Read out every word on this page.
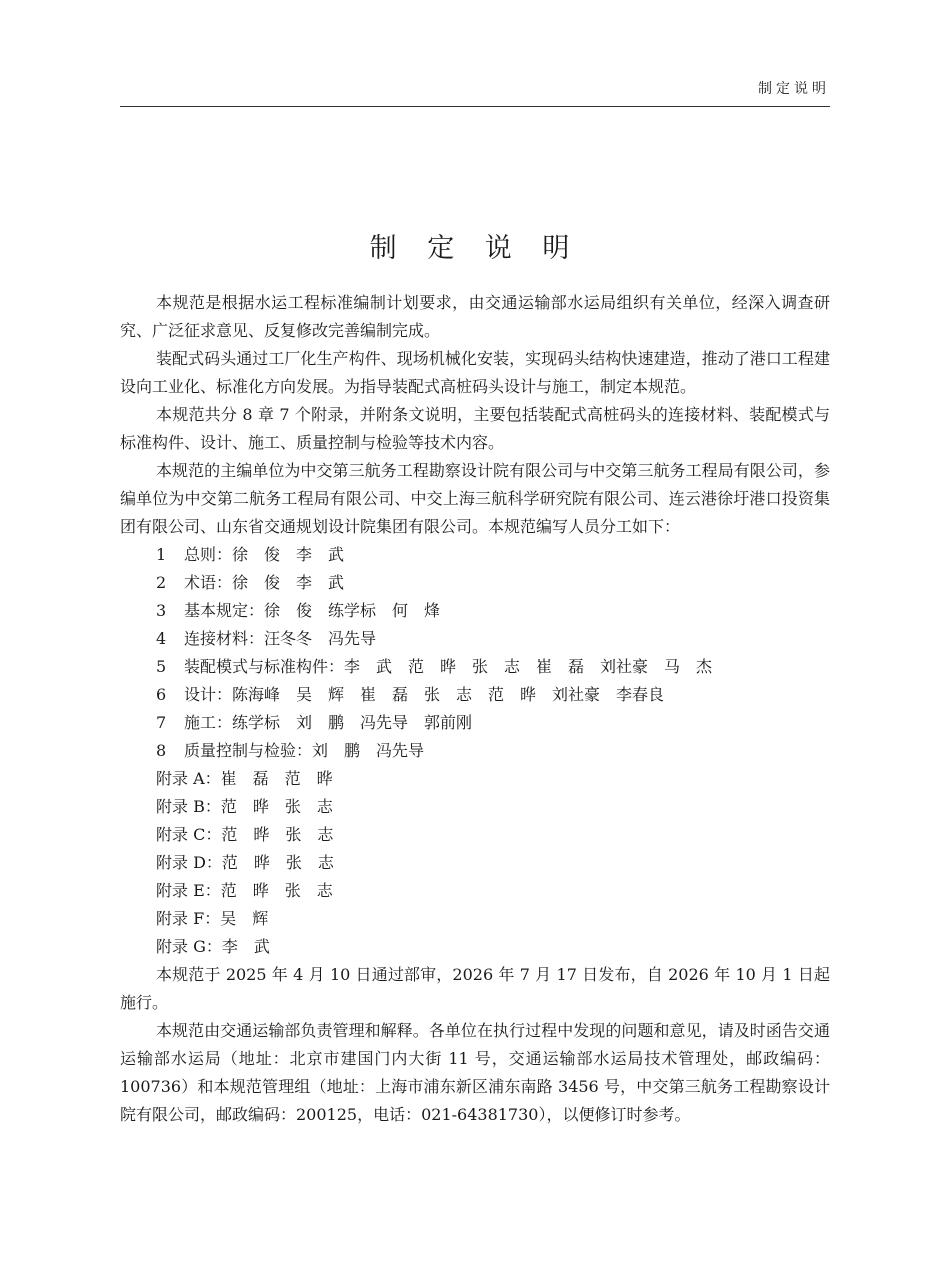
制定说明
制 定 说 明

本规范是根据水运工程标准编制计划要求，由交通运输部水运局组织有关单位，经深入调查研究、广泛征求意见、反复修改完善编制完成。

装配式码头通过工厂化生产构件、现场机械化安装，实现码头结构快速建造，推动了港口工程建设向工业化、标准化方向发展。为指导装配式高桩码头设计与施工，制定本规范。

本规范共分 8 章 7 个附录，并附条文说明，主要包括装配式高桩码头的连接材料、装配模式与标准构件、设计、施工、质量控制与检验等技术内容。

本规范的主编单位为中交第三航务工程勘察设计院有限公司与中交第三航务工程局有限公司，参编单位为中交第二航务工程局有限公司、中交上海三航科学研究院有限公司、连云港徐圩港口投资集团有限公司、山东省交通规划设计院集团有限公司。本规范编写人员分工如下：

1 总则：徐　俊　李　武
2 术语：徐　俊　李　武
3 基本规定：徐　俊　练学标　何　烽
4 连接材料：汪冬冬　冯先导
5 装配模式与标准构件：李　武　范　晔　张　志　崔　磊　刘社豪　马　杰
6 设计：陈海峰　吴　辉　崔　磊　张　志　范　晔　刘社豪　李春良
7 施工：练学标　刘　鹏　冯先导　郭前刚
8 质量控制与检验：刘　鹏　冯先导
附录 A：崔　磊　范　晔
附录 B：范　晔　张　志
附录 C：范　晔　张　志
附录 D：范　晔　张　志
附录 E：范　晔　张　志
附录 F：吴　辉
附录 G：李　武

本规范于 2025 年 4 月 10 日通过部审，2026 年 7 月 17 日发布，自 2026 年 10 月 1 日起施行。

本规范由交通运输部负责管理和解释。各单位在执行过程中发现的问题和意见，请及时函告交通运输部水运局（地址：北京市建国门内大街 11 号，交通运输部水运局技术管理处，邮政编码：100736）和本规范管理组（地址：上海市浦东新区浦东南路 3456 号，中交第三航务工程勘察设计院有限公司，邮政编码：200125，电话：021-64381730），以便修订时参考。
